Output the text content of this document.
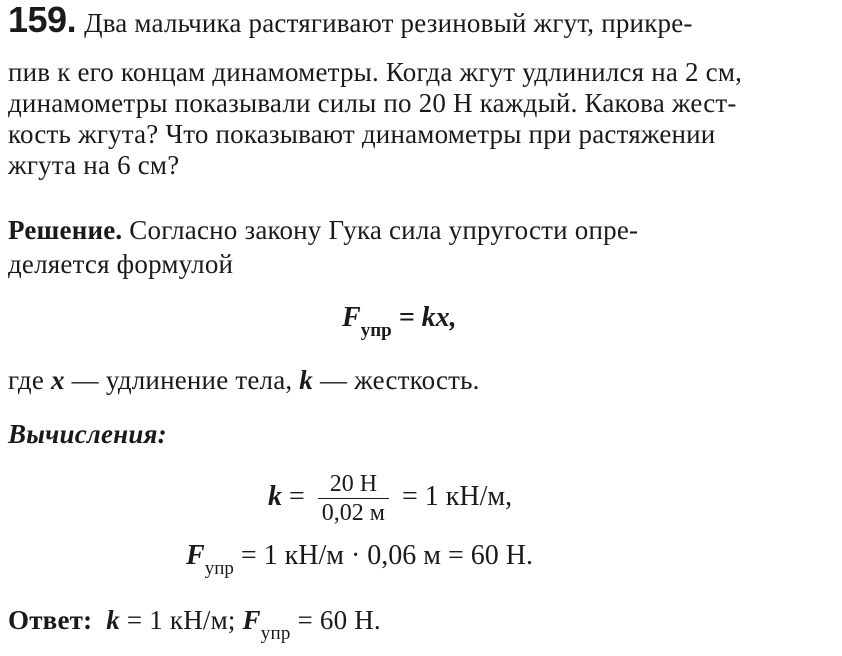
159. Два мальчика растягивают резиновый жгут, прикре-
пив к его концам динамометры. Когда жгут удлинился на 2 см,
динамометры показывали силы по 20 Н каждый. Какова жест-
кость жгута? Что показывают динамометры при растяжении
жгута на 6 см?
Решение. Согласно закону Гука сила упругости опре-
деляется формулой
$F_{упр}$ = kx,
где x — удлинение тела, k — жесткость.
Вычисления:
$k = \frac{20 Н}{0,02 м} = 1$ кН/м,
$F_{упр} = 1$ кН/м · 0,06 м = 60 Н.
Ответ: k = 1 кН/м; $F_{упр} = 60$ Н.
